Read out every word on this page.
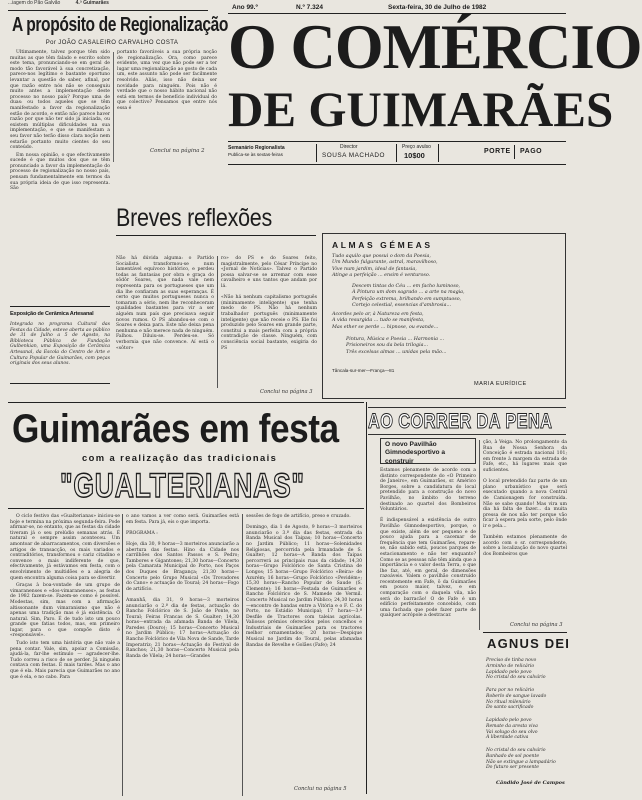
...iagem do Pão Galvão	4.ª Guimarães
A propósito de Regionalização
Por JOÃO CASALEIRO CARVALHO COSTA

Ultimamente, talvez porque têm sido muitas as que têm falado e escrito sobre este tema, pronunciando-se em geral de modo tão favorável à sua concretização, parece-nos legítimo e bastante oportuno levantar a questão de saber, afinal, por que razão entre nós não se conseguiu muito antes a implementação deste processo no nosso país? Porque uma de duas: ou todos aqueles que se têm manifestado a favor da regionalização estão de acordo, e então não parece haver razão por que não ter sido já iniciada, ou existem múltiplas dificuldades na sua implementação, e que se manifestam a seu favor não terão disso clara noção nem estarão portanto muito cientes do seu conteúdo.

Em nossa opinião, o que efectivamente sucede é que muitos dos que se têm pronunciado a favor da implementação do processo de regionalização no nosso país, pensam fundamentalmente em termos da sua própria ideia de que isso representa. São

portanto favoráveis a sua própria noção de regionalização. Ora, como parece evidente, uma vez que não pode ser a ter lugar uma regionalização ao gosto de cada um, este assunto não pode ser facilmente resolvido. Aliás, isso não deixa ser novidade para ninguém. Pois não é verdade que o nosso hábito nacional não está em termos de benefício individual do que colectivo? Pensamos que entre nós essa é
Conclui na página 2
Exposição de Cerâmica Artesanal
Integrada no programa Cultural das Festas da Cidade, esteve aberta ao público de 31 de Julho a 5 de Agosto, na Biblioteca Pública de Fundação Gulbenkian, uma Exposição de Cerâmica Artesanal, da Escola do Centro de Arte e Cultura Popular de Guimarães, com peças originais dos seus alunos.
Ano 99.º	N.º 7.324	Sexta-feira, 30 de Julho de 1982
O COMÉRCIO
DE GUIMARÃES
Semanário Regionalista
Publica-se às sextas-feiras
Director
SOUSA MACHADO
Preço avulso
10$00	PORTE PAGO
Breves reflexões
Não há dúvida alguma: o Partido Socialista transformou-se num lamentável equívoco histórico, e perdeu todas as fantasias por obra e graça do sôdôr Soares, que nada vale nem representa para os portugueses que um dia lhe confiaram as suas esperanças. É certo que muitos portugueses nunca o tomaram a sério, nem lhe reconheceram qualidades bastantes para vir a ser alguém num país que precisava seguir novos rumos. O PS abandou-se com o Soares e deixa para. Este não deixa pena nenhuma e não merece nada de ninguém. Falhou. Diluiu-se. Perdeu-se. Só verbornia que não convence. Aí está o «sôtor»
ro» do PS e do Soares feito, magistralmente, pelo César Príncipe no «Jornal de Notícias». Talvez o Partido possa salvar-se se arremar com esse cavalheiro e uns tantos que andam por lá.

«Não há nenhum capitalismo português (minimamente inteligente) que tenha medo do PS. Não há nenhum trabalhador português (minimamente inteligente) que não receie o PS. Ele foi produzido pelo Soares em grande parte, constitui a mais perfeita com a própria contradição de classe. Ninguém, com consciência social bastante, exigiria do PS
Conclui na página 3
ALMAS GÉMEAS
Tudo aquilo que possui o dom da Poesia,
Um Mundo fulgurante, astral, maravilhoso,
Vive num jardim, ideal de fantasia,
Atinge a perfeição ... ensim é venturoso.
Descem tintas do Céu ... em facho luminoso,
À Pintura um dom sagrado ... a arte na magia,
Perfeição extrema, brilhando em sumptuoso,
Cortejo celestial, essencias d'ambrosia...
Acordes pelo ar, à Natureza em festa,
A vida resurgida ... tudo se manifesta,
Mas ether se perde ... hipnose, ou evande...
Pintura, Música e Poesia ... Harmonia ...
Prisioneiros sou da bela trilogia...
Três excelsas almas ... unidas pela mão...
Tâncala-sur-mer—França—81
MARIA EURÍDICE
AO CORRER DA PENA
O novo Pavilhão Gimnodesportivo a construir
Estamos plenamente de acordo com a distinto correspondente do «O Primeiro de Janeiro», em Guimarães, sr. Américo Borges, sobre a candidatura do local pretendido para a construção do novo Pavilhão, no âmbito do terreno destinado ao quartel dos Bombeiros Voluntários.

É indispensável a existência de outro Pavilhão Gimnodesportivo, porque, o que existe, além de ser pequeno e de pouco ajuda para a cacemar de frequência que tem Guimarães, repare-se, não sabido está, poucos parques de estacionamento e não ter enquanto? Como se as pessoas não têm ainda que a importância e o valor desta Terra, o que lhe faz, até, em geral, de dimensões razoáveis. Valem o pavilhão construído recentemente em Fafe, ô da Guimarães em pouco maior, talvez, e em comparação com o daquela vila, não será do barracão! O de Fafe é um edifício perfeitamente concebido, com uma fachada que pode fazer parte de qualquer acrópole a destracar.
ção, à Veiga. No prolongamento da Rua de Nossa Senhora da Conceição é estrada nacional 101; em frente à margem da estrada de Fafe, etc., há lugares mais que suficientes.

O local pretendido faz parte de um plano urbanístico que será executado quando a nova Central de Camionagem for construída. Não se sabe quando! Mas vira um dia há falta de fazer... da muita pressa de nos não ter porque vão ficar à espera pela sorte, pelo ônde ir e pela...

Também estamos plenamente de acordo com o sr. correspondente, sobre a localização do novo quartel dos Bombeiros que
Conclui na página 3
AGNUS DEI
Preciso de tinha novo
Arminho de relicário
Lapidado pelo povo
No cristal do seu calvário
Para por no relicário
Roberlo de sangue lavado
No ritual milenário
Do santo sacrificado
Lapidado pelo povo
Remate da aresta viva
Vai solugo do seu olvo
À liberdade cativa
No cristal do seu calvário
Banhado de sol poente
Não se extingue a lampadário
Do futuro ser presente
Cândido José de Campos
Guimarães em festa
com a realização das tradicionais
"GUALTERIANAS"

O ciclo festivo das «Gualterianas» iniciou-se hoje e termina na próxima segunda-feira. Pode afirmar-se, no entanto, que as festas da cidade tiveram já o seu prelúdio semanas atrás. É natural e sempre assim aconteceu. Um amontoar de abarracamentos, com diversões e artigos de transacção, os mais variados e contraditórios, transformou o cariz citadino e convence o mais indiferente de que, efectivamente, já estávamos em festa, com o envolvimento de multidões e a alegria de quem encontra alguma coisa para se divertir.

Graças à boa-vontade de um grupo de vimaranenses e «dos-vimaranenses», as festas de 1982 fazem-se. Fazem-se como é possível. Modestas, sim, mas com a afirmação altissonante dum vimaranismo que não é apenas uma tradição mas é já existência. O natural. Sim, Paro. É de tudo isto um pouco grande que fatias todos, mas, em primeiro lugar, para o que compõe disto é «responsável».

Tudo isto tem uma história que não vale a pena contar. Vale, sim, apoiar a Comissão, ajudá-la, far-lhe estímulo — agradecer-lhe. Tudo correu a risco de se perder. Já ninguém contava com festas. É mais tardes. Mas o ano que é ela. Mais parecia que Guimarães no ano que é ela, e no cabo. Para

o ano vamos a ver como será. Guimarães está em festa. Para já, eis o que importa.

PROGRAMA :

Hoje, dia 30, 9 horas—3 morteiros anunciarão a abertura das festas. Hino da Cidade nos carrilhões dos Santos Passos e S. Pedro; Tambores e Gigantones; 21,30 horas—Concerto pela Camarata Municipal do Porto, nos Paços dos Duques de Bragança; 21,30 horas—Concerto pelo Grupo Musical «Os Trovadores do Cano» e actuação do Toural; 24 horas—Fogo de artifício.

Amanhã, dia 31, 9 horas—3 morteiros anunciarão o 2.º dia de festas, actuação do Rancho Folclórico de S. João de Ponte, no Toural; Feiras Francas de S. Gualter; 14,30 horas—entrada da afamada Banda de Vilela, Paredes (Douro); 15 horas—Concerto Musical no Jardim Público; 17 horas—Actuação do Rancho Folclórico de Vila Nova de Sande, Tarde Imperatriz; 21 horas—Actuação do Festival de Ranchos; 21,30 horas—Concerto Musical pela Banda de Vilela; 24 horas—Grandes
sessões de fogo de artifício, preso e cruzado.

Domingo, dia 1 de Agosto, 9 horas—3 morteiros anunciarão o 3.º dia das festas, entrada da Banda Musical dos Taipas; 10 horas—Concerto no Jardim Público; 11 horas—Solenidades Religiosas, percorrida pela Irmandade de S. Gualter; 12 horas—A Banda dos Taipas percorrerá as principais ruas da cidade; 14,30 horas—Grupo Folclórico de Santa Cristina de Longos; 15 horas—Grupo Folclórico «Beira» de Azurém; 16 horas—Grupo Folclórico «Pevidém»; 15,30 horas—Rancho Popular de Saude (S. Clemente); 16 horas—Festada de Guimarães e Rancho Folclórico de S. Mamede de Vermil. Concerto Musical no Jardim Público; 24,30 horas—encontro de bandas entre a Vitória e o F. C. do Porto, no Estádio Municipal; 17 horas—3.º Desfile de Tractores com taleias agrícolas. Valiosos prémios oferecidos pelos concelhos e Industriais de Guimarães para os tractores melhor ornamentados; 20 horas—Despique Musical no Jardim do Toural, pelas afamadas Bandas de Revelhe e Golães (Fafe); 24
Conclui na página 5
